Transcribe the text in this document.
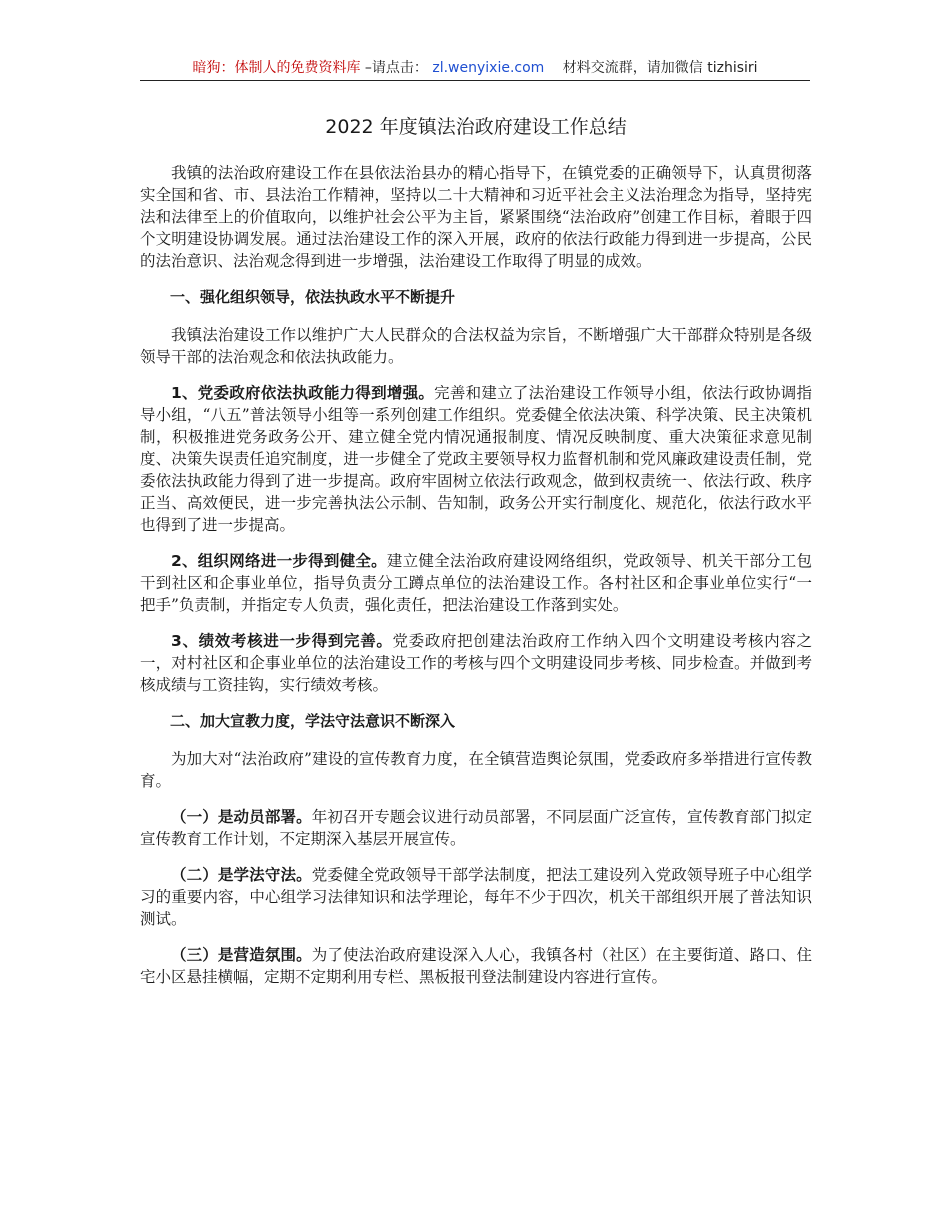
暗狗：体制人的免费资料库 –请点击： zl.wenyixie.com 材料交流群，请加微信 tizhisiri
2022 年度镇法治政府建设工作总结

我镇的法治政府建设工作在县依法治县办的精心指导下，在镇党委的正确领导下，认真贯彻落实全国和省、市、县法治工作精神，坚持以二十大精神和习近平社会主义法治理念为指导，坚持宪法和法律至上的价值取向，以维护社会公平为主旨，紧紧围绕“法治政府”创建工作目标，着眼于四个文明建设协调发展。通过法治建设工作的深入开展，政府的依法行政能力得到进一步提高，公民的法治意识、法治观念得到进一步增强，法治建设工作取得了明显的成效。

一、强化组织领导，依法执政水平不断提升

我镇法治建设工作以维护广大人民群众的合法权益为宗旨，不断增强广大干部群众特别是各级领导干部的法治观念和依法执政能力。

1、党委政府依法执政能力得到增强。完善和建立了法治建设工作领导小组，依法行政协调指导小组，“八五”普法领导小组等一系列创建工作组织。党委健全依法决策、科学决策、民主决策机制，积极推进党务政务公开、建立健全党内情况通报制度、情况反映制度、重大决策征求意见制度、决策失误责任追究制度，进一步健全了党政主要领导权力监督机制和党风廉政建设责任制，党委依法执政能力得到了进一步提高。政府牢固树立依法行政观念，做到权责统一、依法行政、秩序正当、高效便民，进一步完善执法公示制、告知制，政务公开实行制度化、规范化，依法行政水平也得到了进一步提高。

2、组织网络进一步得到健全。建立健全法治政府建设网络组织，党政领导、机关干部分工包干到社区和企事业单位，指导负责分工蹲点单位的法治建设工作。各村社区和企事业单位实行“一把手”负责制，并指定专人负责，强化责任，把法治建设工作落到实处。

3、绩效考核进一步得到完善。党委政府把创建法治政府工作纳入四个文明建设考核内容之一，对村社区和企事业单位的法治建设工作的考核与四个文明建设同步考核、同步检查。并做到考核成绩与工资挂钩，实行绩效考核。

二、加大宣教力度，学法守法意识不断深入

为加大对“法治政府”建设的宣传教育力度，在全镇营造舆论氛围，党委政府多举措进行宣传教育。

（一）是动员部署。年初召开专题会议进行动员部署，不同层面广泛宣传，宣传教育部门拟定宣传教育工作计划，不定期深入基层开展宣传。

（二）是学法守法。党委健全党政领导干部学法制度，把法工建设列入党政领导班子中心组学习的重要内容，中心组学习法律知识和法学理论，每年不少于四次，机关干部组织开展了普法知识测试。

（三）是营造氛围。为了使法治政府建设深入人心，我镇各村（社区）在主要街道、路口、住宅小区悬挂横幅，定期不定期利用专栏、黑板报刊登法制建设内容进行宣传。
